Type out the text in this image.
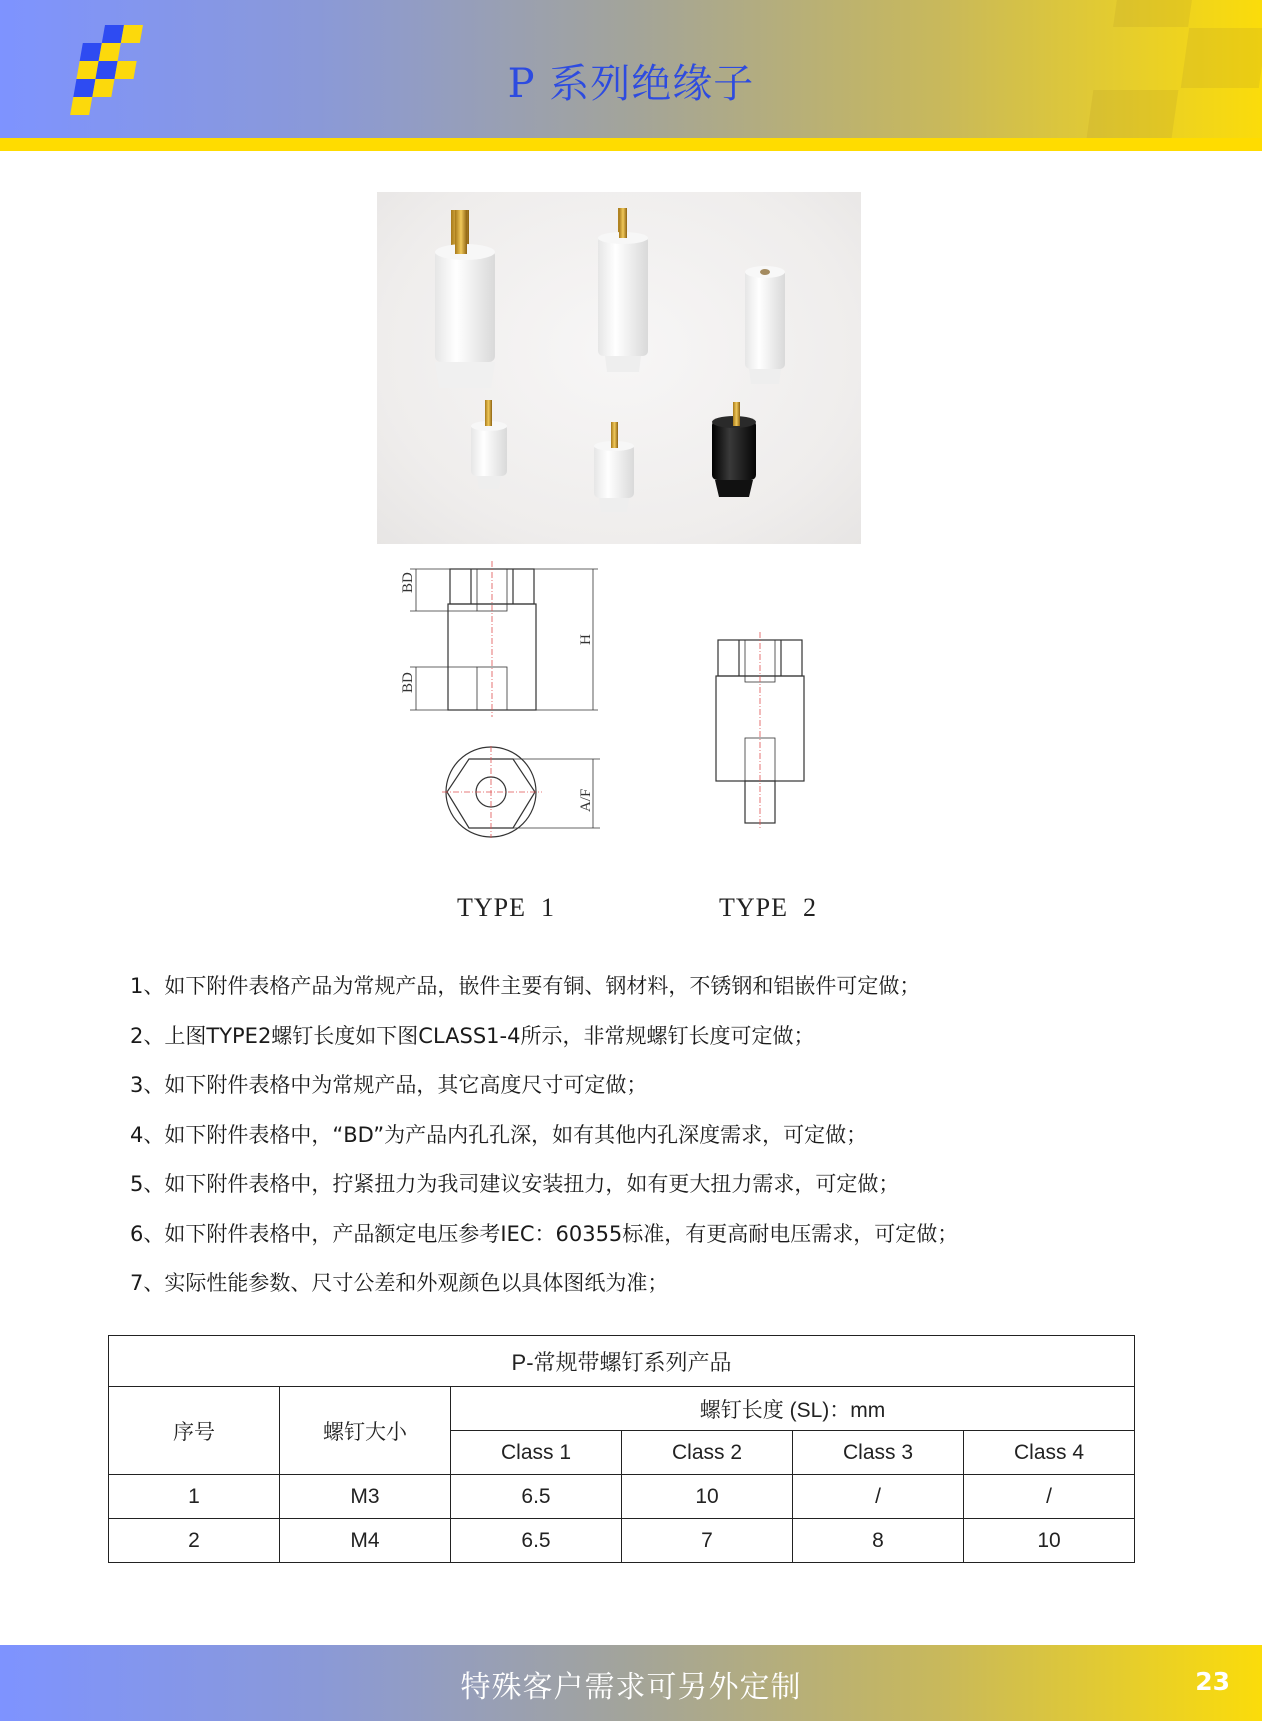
P 系列绝缘子
BD
BD
H
A/F
TYPE  1	TYPE  2
1、如下附件表格产品为常规产品，嵌件主要有铜、钢材料，不锈钢和铝嵌件可定做；
2、上图TYPE2螺钉长度如下图CLASS1-4所示，非常规螺钉长度可定做；
3、如下附件表格中为常规产品，其它高度尺寸可定做；
4、如下附件表格中，“BD”为产品内孔孔深，如有其他内孔深度需求，可定做；
5、如下附件表格中，拧紧扭力为我司建议安装扭力，如有更大扭力需求，可定做；
6、如下附件表格中，产品额定电压参考IEC：60355标准，有更高耐电压需求，可定做；
7、实际性能参数、尺寸公差和外观颜色以具体图纸为准；
P-常规带螺钉系列产品					
序号	螺钉大小	螺钉长度 (SL)：mm			
		Class 1	Class 2	Class 3	Class 4
1	M3	6.5	10	/	/
2	M4	6.5	7	8	10
特殊客户需求可另外定制	23
